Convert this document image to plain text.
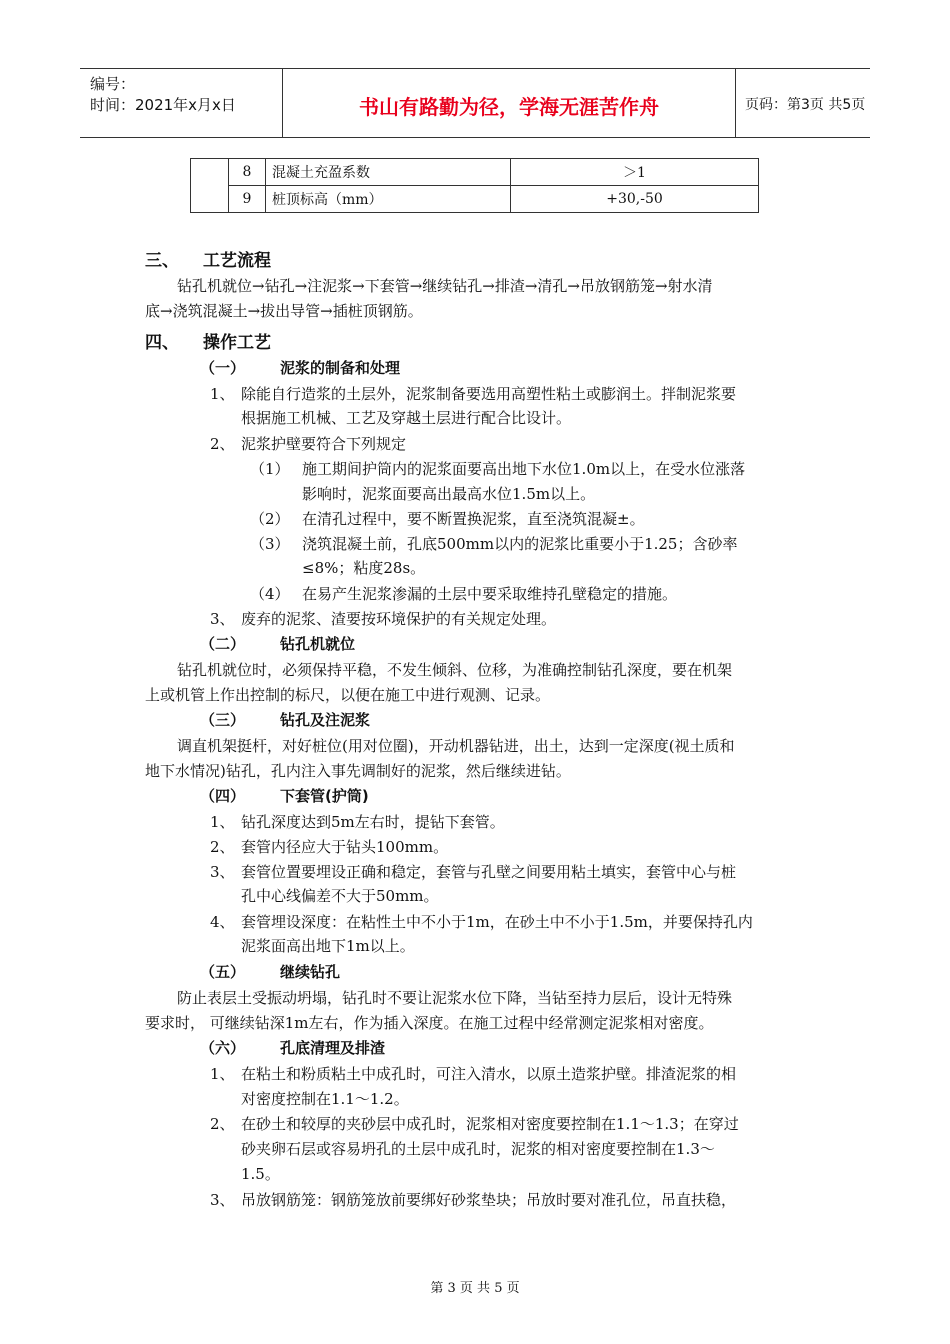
编号：
时间：2021年x月x日	书山有路勤为径，学海无涯苦作舟	页码：第3页 共5页
	8	混凝土充盈系数	＞1
	9	桩顶标高（mm）	+30,-50
三、 工艺流程
钻孔机就位→钻孔→注泥浆→下套管→继续钻孔→排渣→清孔→吊放钢筋笼→射水清
底→浇筑混凝土→拔出导管→插桩顶钢筋。
四、 操作工艺
（一） 泥浆的制备和处理
1、 除能自行造浆的土层外，泥浆制备要选用高塑性粘土或膨润土。拌制泥浆要
根据施工机械、工艺及穿越土层进行配合比设计。
2、 泥浆护壁要符合下列规定
（1） 施工期间护筒内的泥浆面要高出地下水位1.0m以上，在受水位涨落
影响时，泥浆面要高出最高水位1.5m以上。
（2） 在清孔过程中，要不断置换泥浆，直至浇筑混凝±。
（3） 浇筑混凝土前，孔底500mm以内的泥浆比重要小于1.25；含砂率
≤8%；粘度28s。
（4） 在易产生泥浆渗漏的土层中要采取维持孔壁稳定的措施。
3、 废弃的泥浆、渣要按环境保护的有关规定处理。
（二） 钻孔机就位
钻孔机就位时，必须保持平稳，不发生倾斜、位移，为准确控制钻孔深度，要在机架
上或机管上作出控制的标尺，以便在施工中进行观测、记录。
（三） 钻孔及注泥浆
调直机架挺杆，对好桩位(用对位圈)，开动机器钻进，出土，达到一定深度(视土质和
地下水情况)钻孔，孔内注入事先调制好的泥浆，然后继续进钻。
（四） 下套管(护筒)
1、 钻孔深度达到5m左右时，提钻下套管。
2、 套管内径应大于钻头100mm。
3、 套管位置要埋设正确和稳定，套管与孔壁之间要用粘土填实，套管中心与桩
孔中心线偏差不大于50mm。
4、 套管埋设深度：在粘性土中不小于1m，在砂土中不小于1.5m，并要保持孔内
泥浆面高出地下1m以上。
（五） 继续钻孔
防止表层土受振动坍塌，钻孔时不要让泥浆水位下降，当钻至持力层后，设计无特殊
要求时， 可继续钻深1m左右，作为插入深度。在施工过程中经常测定泥浆相对密度。
（六） 孔底清理及排渣
1、 在粘土和粉质粘土中成孔时，可注入清水，以原土造浆护壁。排渣泥浆的相
对密度控制在1.1～1.2。
2、 在砂土和较厚的夹砂层中成孔时，泥浆相对密度要控制在1.1～1.3；在穿过
砂夹卵石层或容易坍孔的土层中成孔时，泥浆的相对密度要控制在1.3～
1.5。
3、 吊放钢筋笼：钢筋笼放前要绑好砂浆垫块；吊放时要对准孔位，吊直扶稳，
第 3 页 共 5 页
